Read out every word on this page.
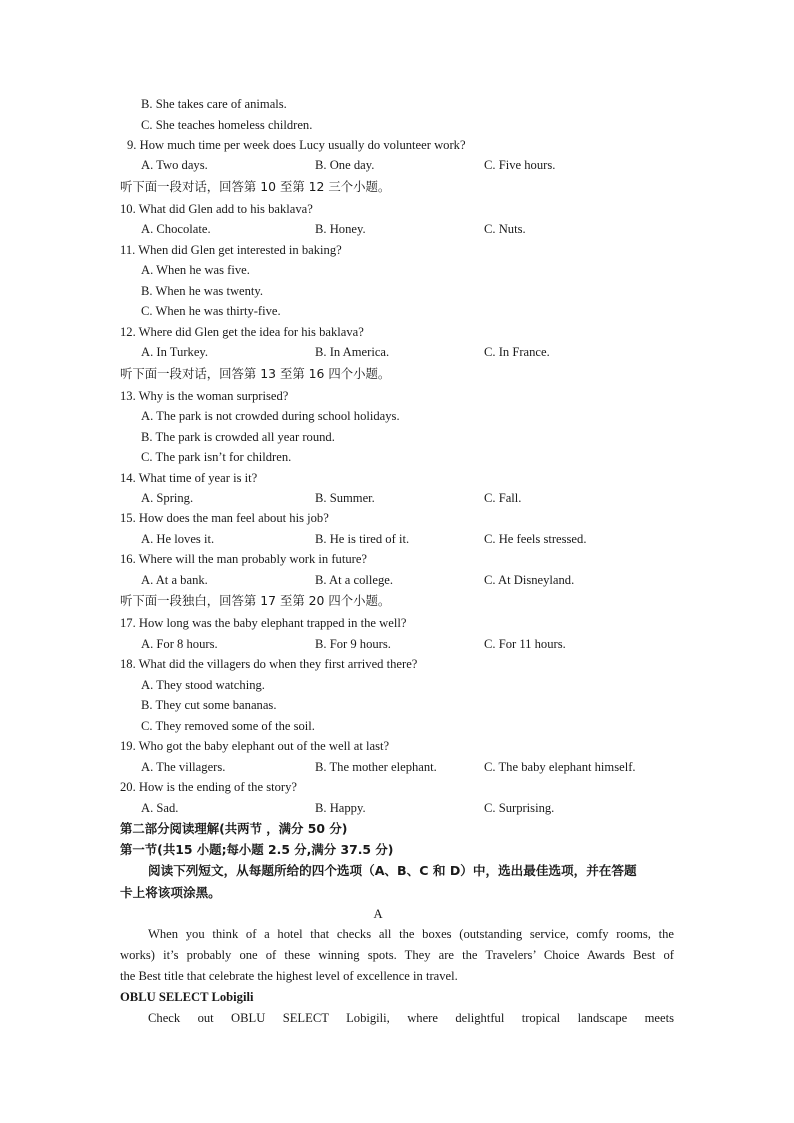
B. She takes care of animals.
C. She teaches homeless children.
9. How much time per week does Lucy usually do volunteer work?
A. Two days.	B. One day.	C. Five hours.
听下面一段对话，回答第 10 至第 12 三个小题。
10. What did Glen add to his baklava?
A. Chocolate.	B. Honey.	C. Nuts.
11. When did Glen get interested in baking?
A. When he was five.
B. When he was twenty.
C. When he was thirty-five.
12. Where did Glen get the idea for his baklava?
A. In Turkey.	B. In America.	C. In France.
听下面一段对话，回答第 13 至第 16 四个小题。
13. Why is the woman surprised?
A. The park is not crowded during school holidays.
B. The park is crowded all year round.
C. The park isn’t for children.
14. What time of year is it?
A. Spring.	B. Summer.	C. Fall.
15. How does the man feel about his job?
A. He loves it.	B. He is tired of it.	C. He feels stressed.
16. Where will the man probably work in future?
A. At a bank.	B. At a college.	C. At Disneyland.
听下面一段独白，回答第 17 至第 20 四个小题。
17. How long was the baby elephant trapped in the well?
A. For 8 hours.	B. For 9 hours.	C. For 11 hours.
18. What did the villagers do when they first arrived there?
A. They stood watching.
B. They cut some bananas.
C. They removed some of the soil.
19. Who got the baby elephant out of the well at last?
A. The villagers.	B. The mother elephant.	C. The baby elephant himself.
20. How is the ending of the story?
A. Sad.	B. Happy.	C. Surprising.
第二部分阅读理解(共两节 ，满分 50 分)
第一节(共15 小题;每小题 2.5 分,满分 37.5 分)
阅读下列短文，从每题所给的四个选项（A、B、C 和 D）中，选出最佳选项，并在答题
卡上将该项涂黑。
A
When you think of a hotel that checks all the boxes (outstanding service, comfy rooms, the
works) it’s probably one of these winning spots. They are the Travelers’ Choice Awards Best of
the Best title that celebrate the highest level of excellence in travel.
OBLU SELECT Lobigili
Check out OBLU SELECT Lobigili, where delightful tropical landscape meets
